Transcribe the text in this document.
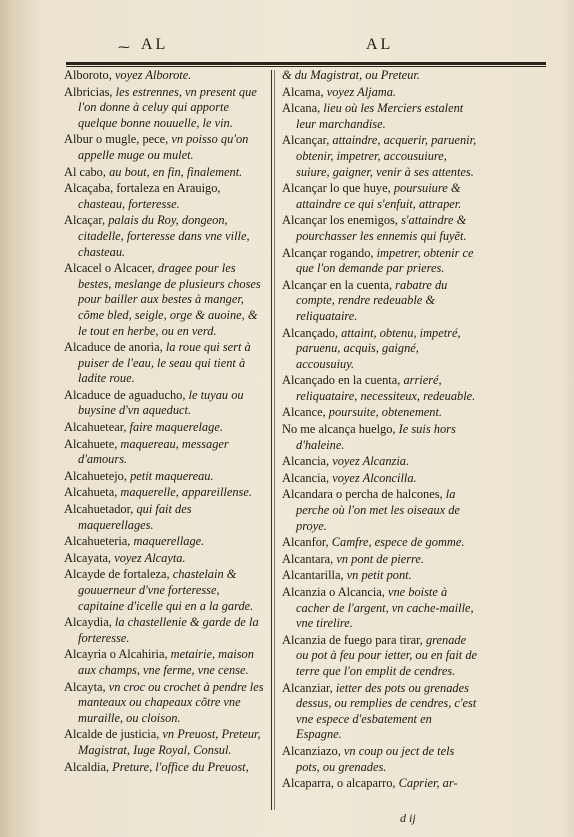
⁓ AL	AL
Alboroto, voyez Alborote.
Albricias, les estrennes, vn present que l'on donne à celuy qui apporte quelque bonne nouuelle, le vin.
Albur o mugle, pece, vn poisso qu'on appelle muge ou mulet.
Al cabo, au bout, en fin, finalement.
Alcaçaba, fortaleza en Arauigo, chasteau, forteresse.
Alcaçar, palais du Roy, dongeon, citadelle, forteresse dans vne ville, chasteau.
Alcacel o Alcacer, dragee pour les bestes, meslange de plusieurs choses pour bailler aux bestes à manger, cõme bled, seigle, orge & auoine, & le tout en herbe, ou en verd.
Alcaduce de anoria, la roue qui sert à puiser de l'eau, le seau qui tient à ladite roue.
Alcaduce de aguaducho, le tuyau ou buysine d'vn aqueduct.
Alcahuetear, faire maquerelage.
Alcahuete, maquereau, messager d'amours.
Alcahuetejo, petit maquereau.
Alcahueta, maquerelle, appareillense.
Alcahuetador, qui fait des maquerellages.
Alcahueteria, maquerellage.
Alcayata, voyez Alcayta.
Alcayde de fortaleza, chastelain & gouuerneur d'vne forteresse, capitaine d'icelle qui en a la garde.
Alcaydia, la chastellenie & garde de la forteresse.
Alcayria o Alcahiria, metairie, maison aux champs, vne ferme, vne cense.
Alcayta, vn croc ou crochet à pendre les manteaux ou chapeaux cõtre vne muraille, ou cloison.
Alcalde de justicia, vn Preuost, Preteur, Magistrat, Iuge Royal, Consul.
Alcaldia, Preture, l'office du Preuost,
& du Magistrat, ou Preteur.
Alcama, voyez Aljama.
Alcana, lieu où les Merciers estalent leur marchandise.
Alcançar, attaindre, acquerir, paruenir, obtenir, impetrer, accousuiure, suiure, gaigner, venir à ses attentes.
Alcançar lo que huye, poursuiure & attaindre ce qui s'enfuit, attraper.
Alcançar los enemigos, s'attaindre & pourchasser les ennemis qui fuyẽt.
Alcançar rogando, impetrer, obtenir ce que l'on demande par prieres.
Alcançar en la cuenta, rabatre du compte, rendre redeuable & reliquataire.
Alcançado, attaint, obtenu, impetré, paruenu, acquis, gaigné, accousuiuy.
Alcançado en la cuenta, arrieré, reliquataire, necessiteux, redeuable.
Alcance, poursuite, obtenement.
No me alcança huelgo, Ie suis hors d'haleine.
Alcancia, voyez Alcanzia.
Alcancia, voyez Alconcilla.
Alcandara o percha de halcones, la perche où l'on met les oiseaux de proye.
Alcanfor, Camfre, espece de gomme.
Alcantara, vn pont de pierre.
Alcantarilla, vn petit pont.
Alcanzia o Alcancia, vne boiste à cacher de l'argent, vn cache-maille, vne tirelire.
Alcanzia de fuego para tirar, grenade ou pot à feu pour ietter, ou en fait de terre que l'on emplit de cendres.
Alcanziar, ietter des pots ou grenades dessus, ou remplies de cendres, c'est vne espece d'esbatement en Espagne.
Alcanziazo, vn coup ou ject de tels pots, ou grenades.
Alcaparra, o alcaparro, Caprier, ar-
d ij
